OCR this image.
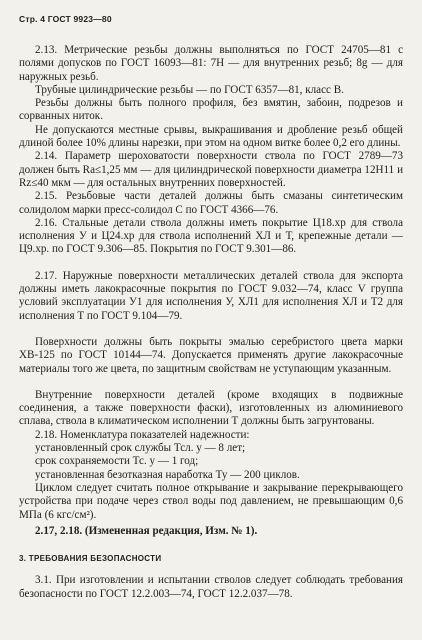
Стр. 4 ГОСТ 9923—80

2.13. Метрические резьбы должны выполняться по ГОСТ 24705—81 с полями допусков по ГОСТ 16093—81: 7Н — для внутренних резьб; 8g — для наружных резьб.

Трубные цилиндрические резьбы — по ГОСТ 6357—81, класс В.

Резьбы должны быть полного профиля, без вмятин, забоин, подрезов и сорванных ниток.

Не допускаются местные срывы, выкрашивания и дробление резьб общей длиной более 10% длины нарезки, при этом на одном витке более 0,2 его длины.

2.14. Параметр шероховатости поверхности ствола по ГОСТ 2789—73 должен быть Ra≤1,25 мм — для цилиндрической поверхности диаметра 12Н11 и Rz≤40 мкм — для остальных внутренних поверхностей.

2.15. Резьбовые части деталей должны быть смазаны синтетическим солидолом марки пресс-солидол С по ГОСТ 4366—76.

2.16. Стальные детали ствола должны иметь покрытие Ц18.хр для ствола исполнения У и Ц24.хр для ствола исполнений ХЛ и Т, крепежные детали — Ц9.хр. по ГОСТ 9.306—85. Покрытия по ГОСТ 9.301—86.

2.17. Наружные поверхности металлических деталей ствола для экспорта должны иметь лакокрасочные покрытия по ГОСТ 9.032—74, класс V группа условий эксплуатации У1 для исполнения У, ХЛ1 для исполнения ХЛ и Т2 для исполнения Т по ГОСТ 9.104—79.

Поверхности должны быть покрыты эмалью серебристого цвета марки ХВ-125 по ГОСТ 10144—74. Допускается применять другие лакокрасочные материалы того же цвета, по защитным свойствам не уступающим указанным.

Внутренние поверхности деталей (кроме входящих в подвижные соединения, а также поверхности фаски), изготовленных из алюминиевого сплава, ствола в климатическом исполнении Т должны быть загрунтованы.

2.18. Номенклатура показателей надежности:

установленный срок службы Тсл. у — 8 лет;

срок сохраняемости Тс. у — 1 год;

установленная безотказная наработка Ту — 200 циклов.

Циклом следует считать полное открывание и закрывание перекрывающего устройства при подаче через ствол воды под давлением, не превышающим 0,6 МПа (6 кгс/см²).

2.17, 2.18. (Измененная редакция, Изм. № 1).

3. ТРЕБОВАНИЯ БЕЗОПАСНОСТИ

3.1. При изготовлении и испытании стволов следует соблюдать требования безопасности по ГОСТ 12.2.003—74, ГОСТ 12.2.037—78.
